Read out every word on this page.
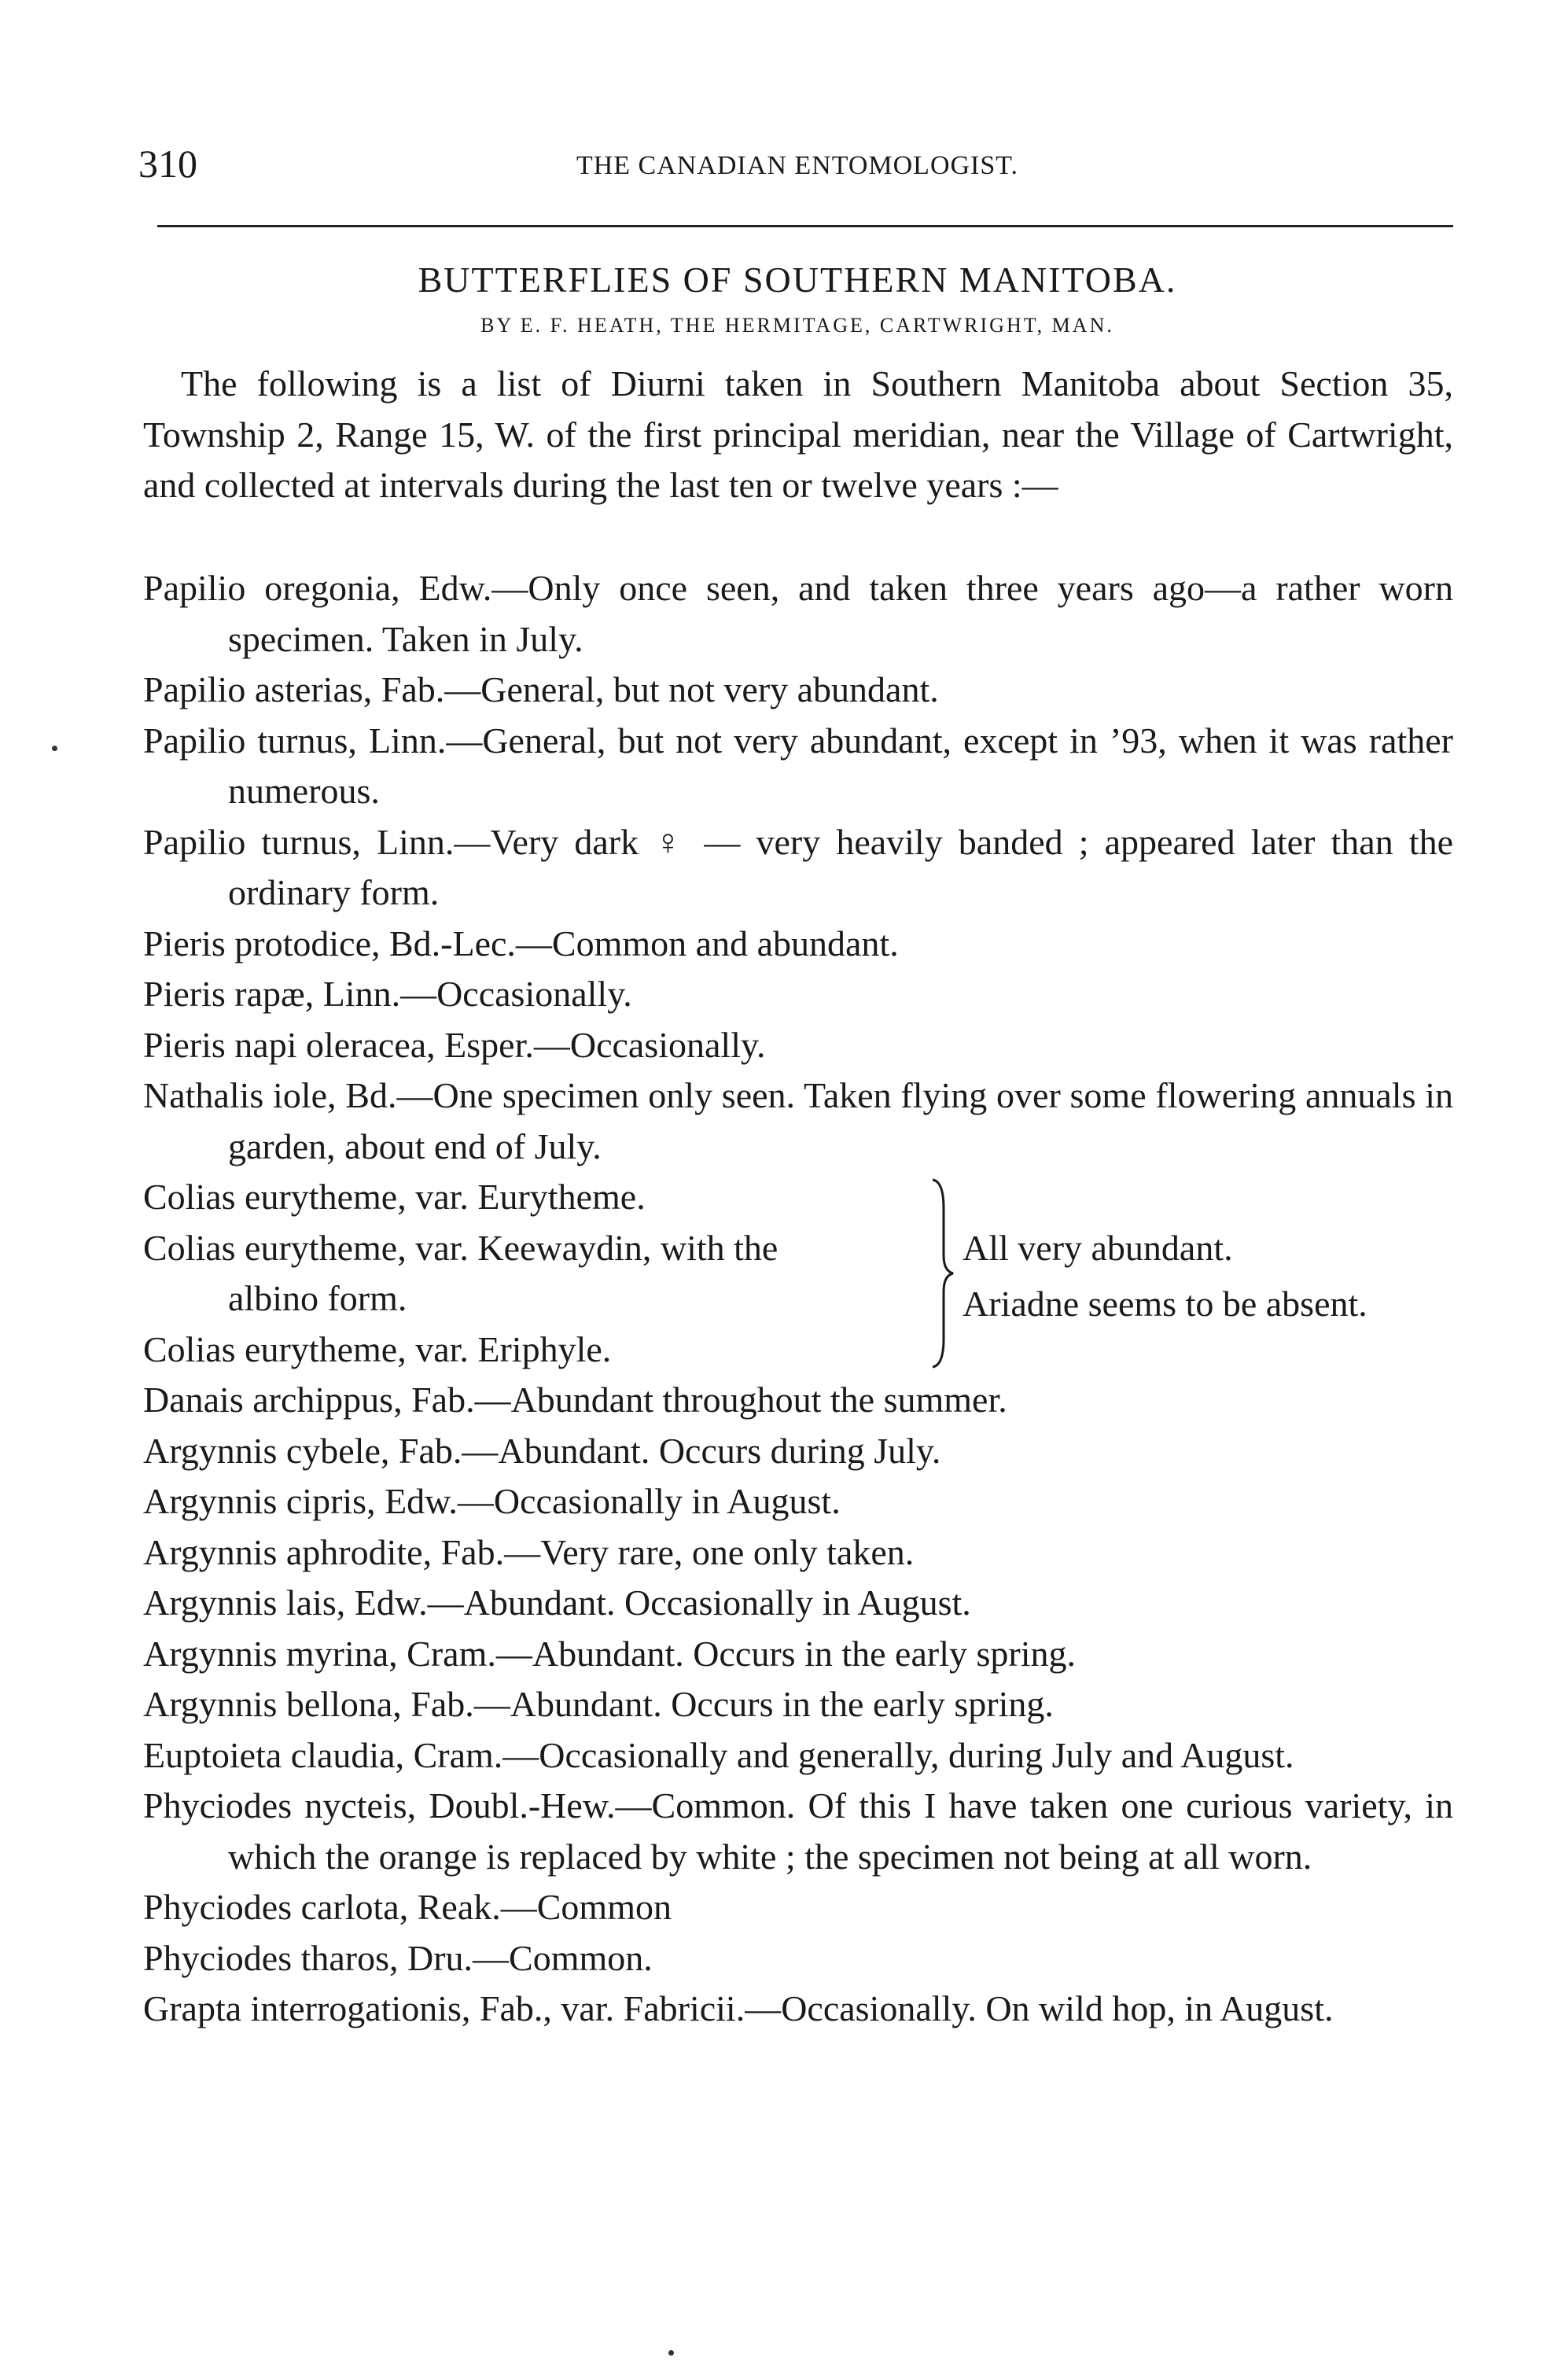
310	THE CANADIAN ENTOMOLOGIST.
BUTTERFLIES OF SOUTHERN MANITOBA.
BY E. F. HEATH, THE HERMITAGE, CARTWRIGHT, MAN.

The following is a list of Diurni taken in Southern Manitoba about Section 35, Township 2, Range 15, W. of the first principal meridian, near the Village of Cartwright, and collected at intervals during the last ten or twelve years :—

Papilio oregonia, Edw.—Only once seen, and taken three years ago—a rather worn specimen. Taken in July.

Papilio asterias, Fab.—General, but not very abundant.

Papilio turnus, Linn.—General, but not very abundant, except in ’93, when it was rather numerous.

Papilio turnus, Linn.—Very dark ♀ — very heavily banded ; appeared later than the ordinary form.

Pieris protodice, Bd.-Lec.—Common and abundant.

Pieris rapæ, Linn.—Occasionally.

Pieris napi oleracea, Esper.—Occasionally.

Nathalis iole, Bd.—One specimen only seen. Taken flying over some flowering annuals in garden, about end of July.

Colias eurytheme, var. Eurytheme.
Colias eurytheme, var. Keewaydin, with the
albino form.
Colias eurytheme, var. Eriphyle.
All very abundant.
Ariadne seems to be absent.

Danais archippus, Fab.—Abundant throughout the summer.

Argynnis cybele, Fab.—Abundant. Occurs during July.

Argynnis cipris, Edw.—Occasionally in August.

Argynnis aphrodite, Fab.—Very rare, one only taken.

Argynnis lais, Edw.—Abundant. Occasionally in August.

Argynnis myrina, Cram.—Abundant. Occurs in the early spring.

Argynnis bellona, Fab.—Abundant. Occurs in the early spring.

Euptoieta claudia, Cram.—Occasionally and generally, during July and August.

Phyciodes nycteis, Doubl.-Hew.—Common. Of this I have taken one curious variety, in which the orange is replaced by white ; the specimen not being at all worn.

Phyciodes carlota, Reak.—Common

Phyciodes tharos, Dru.—Common.

Grapta interrogationis, Fab., var. Fabricii.—Occasionally. On wild hop, in August.
